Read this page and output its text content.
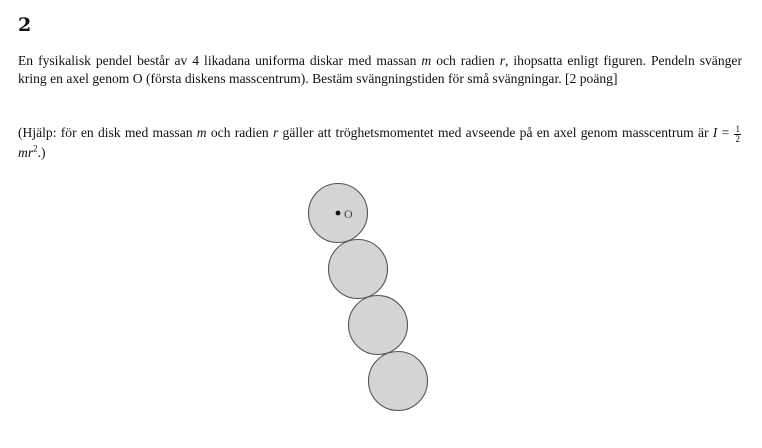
2

En fysikalisk pendel består av 4 likadana uniforma diskar med massan m och radien r, ihopsatta enligt figuren. Pendeln svänger kring en axel genom O (första diskens masscentrum). Bestäm svängningstiden för små svängningar. [2 poäng]

(Hjälp: för en disk med massan m och radien r gäller att tröghetsmomentet med avseende på en axel genom masscentrum är $I = \frac{1}{2}$
$mr^2$.)

O
